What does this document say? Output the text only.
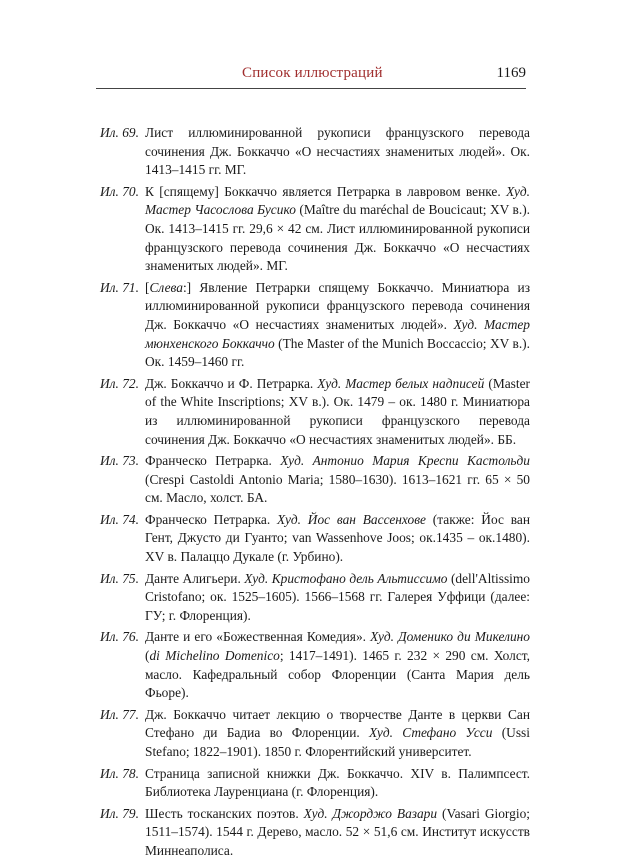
Список иллюстраций	1169
Ил. 69. Лист иллюминированной рукописи французского перевода сочинения Дж. Боккаччо «О несчастиях знаменитых людей». Ок. 1413–1415 гг. МГ.
Ил. 70. К [спящему] Боккаччо является Петрарка в лавровом венке. Худ. Мастер Часослова Бусико (Maître du maréchal de Boucicaut; XV в.). Ок. 1413–1415 гг. 29,6 × 42 см. Лист иллюминированной рукописи французского перевода сочинения Дж. Боккаччо «О несчастиях знаменитых людей». МГ.
Ил. 71. [Слева:] Явление Петрарки спящему Боккаччо. Миниатюра из иллюминированной рукописи французского перевода сочинения Дж. Боккаччо «О несчастиях знаменитых людей». Худ. Мастер мюнхенского Боккаччо (The Master of the Munich Boccaccio; XV в.). Ок. 1459–1460 гг.
Ил. 72. Дж. Боккаччо и Ф. Петрарка. Худ. Мастер белых надписей (Master of the White Inscriptions; XV в.). Ок. 1479 – ок. 1480 г. Миниатюра из иллюминированной рукописи французского перевода сочинения Дж. Боккаччо «О несчастиях знаменитых людей». ББ.
Ил. 73. Франческо Петрарка. Худ. Антонио Мария Креспи Кастольди (Crespi Castoldi Antonio Maria; 1580–1630). 1613–1621 гг. 65 × 50 см. Масло, холст. БА.
Ил. 74. Франческо Петрарка. Худ. Йос ван Вассенхове (также: Йос ван Гент, Джусто ди Гуанто; van Wassenhove Joos; ок.1435 – ок.1480). XV в. Палаццо Дукале (г. Урбино).
Ил. 75. Данте Алигьери. Худ. Кристофано дель Альтиссимо (dell'Altissimo Cristofano; ок. 1525–1605). 1566–1568 гг. Галерея Уффици (далее: ГУ; г. Флоренция).
Ил. 76. Данте и его «Божественная Комедия». Худ. Доменико ди Микелино (di Michelino Domenico; 1417–1491). 1465 г. 232 × 290 см. Холст, масло. Кафедральный собор Флоренции (Санта Мария дель Фьоре).
Ил. 77. Дж. Боккаччо читает лекцию о творчестве Данте в церкви Сан Стефано ди Бадиа во Флоренции. Худ. Стефано Усси (Ussi Stefano; 1822–1901). 1850 г. Флорентийский университет.
Ил. 78. Страница записной книжки Дж. Боккаччо. XIV в. Палимпсест. Библиотека Лауренциана (г. Флоренция).
Ил. 79. Шесть тосканских поэтов. Худ. Джорджо Вазари (Vasari Giorgio; 1511–1574). 1544 г. Дерево, масло. 52 × 51,6 см. Институт искусств Миннеаполиса.
